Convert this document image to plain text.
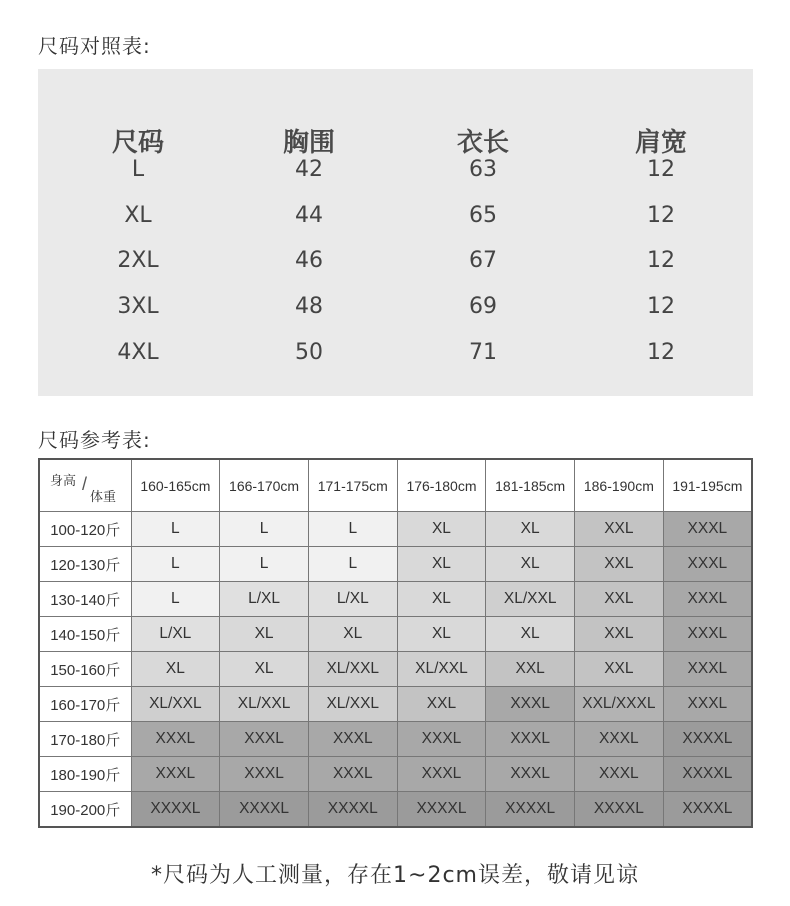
尺码对照表:
尺码	胸围	衣长	肩宽
L	42	63	12
XL	44	65	12
2XL	46	67	12
3XL	48	69	12
4XL	50	71	12
尺码参考表:
身高 /
体重	160-165cm	166-170cm	171-175cm	176-180cm	181-185cm	186-190cm	191-195cm
100-120斤	L	L	L	XL	XL	XXL	XXXL
120-130斤	L	L	L	XL	XL	XXL	XXXL
130-140斤	L	L/XL	L/XL	XL	XL/XXL	XXL	XXXL
140-150斤	L/XL	XL	XL	XL	XL	XXL	XXXL
150-160斤	XL	XL	XL/XXL	XL/XXL	XXL	XXL	XXXL
160-170斤	XL/XXL	XL/XXL	XL/XXL	XXL	XXXL	XXL/XXXL	XXXL
170-180斤	XXXL	XXXL	XXXL	XXXL	XXXL	XXXL	XXXXL
180-190斤	XXXL	XXXL	XXXL	XXXL	XXXL	XXXL	XXXXL
190-200斤	XXXXL	XXXXL	XXXXL	XXXXL	XXXXL	XXXXL	XXXXL
*尺码为人工测量，存在1~2cm误差，敬请见谅
